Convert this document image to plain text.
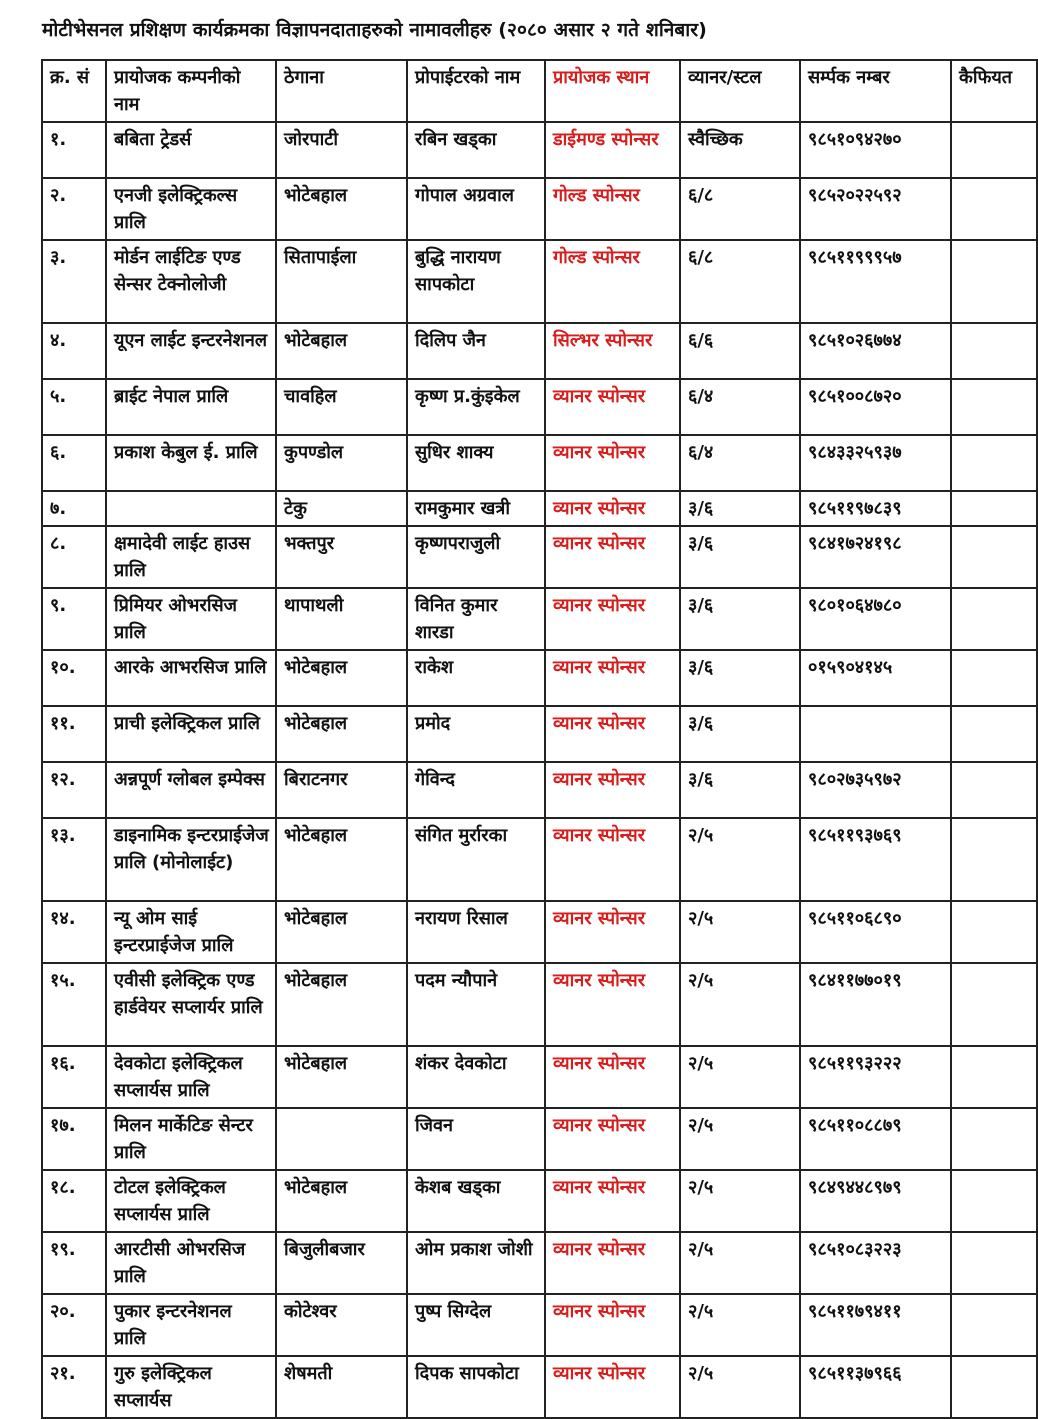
मोटीभेसनल प्रशिक्षण कार्यक्रमका विज्ञापनदाताहरुको नामावलीहरु (२०८० असार २ गते शनिबार)
क्र. सं	प्रायोजक कम्पनीको नाम	ठेगाना	प्रोपाईटरको नाम	प्रायोजक स्थान	व्यानर/स्टल	सर्म्पक नम्बर	कैफियत
१.	बबिता ट्रेडर्स	जोरपाटी	रबिन खड्का	डाईमण्ड स्पोन्सर	स्वैच्छिक	९८५१०९४२७०	
२.	एनजी इलेक्ट्रिकल्स प्रालि	भोटेबहाल	गोपाल अग्रवाल	गोल्ड स्पोन्सर	६/८	९८५२०२२५९२	
३.	मोर्डन लाईटिङ एण्ड सेन्सर टेक्नोलोजी	सितापाईला	बुद्धि नारायण सापकोटा	गोल्ड स्पोन्सर	६/८	९८५११९९९५७	
४.	यूएन लाईट इन्टरनेशनल	भोटेबहाल	दिलिप जैन	सिल्भर स्पोन्सर	६/६	९८५१०२६७७४	
५.	ब्राईट नेपाल प्रालि	चावहिल	कृष्ण प्र.कुंइकेल	व्यानर स्पोन्सर	६/४	९८५१००८७२०	
६.	प्रकाश केबुल ई. प्रालि	कुपण्डोल	सुधिर शाक्य	व्यानर स्पोन्सर	६/४	९८४३३२५९३७	
७.		टेकु	रामकुमार खत्री	व्यानर स्पोन्सर	३/६	९८५११९७८३९	
८.	क्षमादेवी लाईट हाउस प्रालि	भक्तपुर	कृष्णपराजुली	व्यानर स्पोन्सर	३/६	९८४१७२४१९८	
९.	प्रिमियर ओभरसिज प्रालि	थापाथली	विनित कुमार शारडा	व्यानर स्पोन्सर	३/६	९८०१०६४७८०	
१०.	आरके आभरसिज प्रालि	भोटेबहाल	राकेश	व्यानर स्पोन्सर	३/६	०१५९०४१४५	
११.	प्राची इलेक्ट्रिकल प्रालि	भोटेबहाल	प्रमोद	व्यानर स्पोन्सर	३/६		
१२.	अन्नपूर्ण ग्लोबल इम्पेक्स	बिराटनगर	गेविन्द	व्यानर स्पोन्सर	३/६	९८०२७३५९७२	
१३.	डाइनामिक इन्टरप्राईजेज प्रालि (मोनोलाईट)	भोटेबहाल	संगित मुर्रारका	व्यानर स्पोन्सर	२/५	९८५११९३७६९	
१४.	न्यू ओम साई इन्टरप्राईजेज प्रालि	भोटेबहाल	नरायण रिसाल	व्यानर स्पोन्सर	२/५	९८५११०६८९०	
१५.	एवीसी इलेक्ट्रिक एण्ड हार्डवेयर सप्लार्यर प्रालि	भोटेबहाल	पदम न्यौपाने	व्यानर स्पोन्सर	२/५	९८४११७७०१९	
१६.	देवकोटा इलेक्ट्रिकल सप्लार्यस प्रालि	भोटेबहाल	शंकर देवकोटा	व्यानर स्पोन्सर	२/५	९८५११९३२२२	
१७.	मिलन मार्केटिङ सेन्टर प्रालि		जिवन	व्यानर स्पोन्सर	२/५	९८५११०८८७९	
१८.	टोटल इलेक्ट्रिकल सप्लार्यस प्रालि	भोटेबहाल	केशब खड्का	व्यानर स्पोन्सर	२/५	९८४९४४८९७९	
१९.	आरटीसी ओभरसिज प्रालि	बिजुलीबजार	ओम प्रकाश जोशी	व्यानर स्पोन्सर	२/५	९८५१०८३२२३	
२०.	पुकार इन्टरनेशनल प्रालि	कोटेश्वर	पुष्प सिग्देल	व्यानर स्पोन्सर	२/५	९८५११७९४११	
२१.	गुरु इलेक्ट्रिकल सप्लार्यस	शेषमती	दिपक सापकोटा	व्यानर स्पोन्सर	२/५	९८५११३७९६६	
